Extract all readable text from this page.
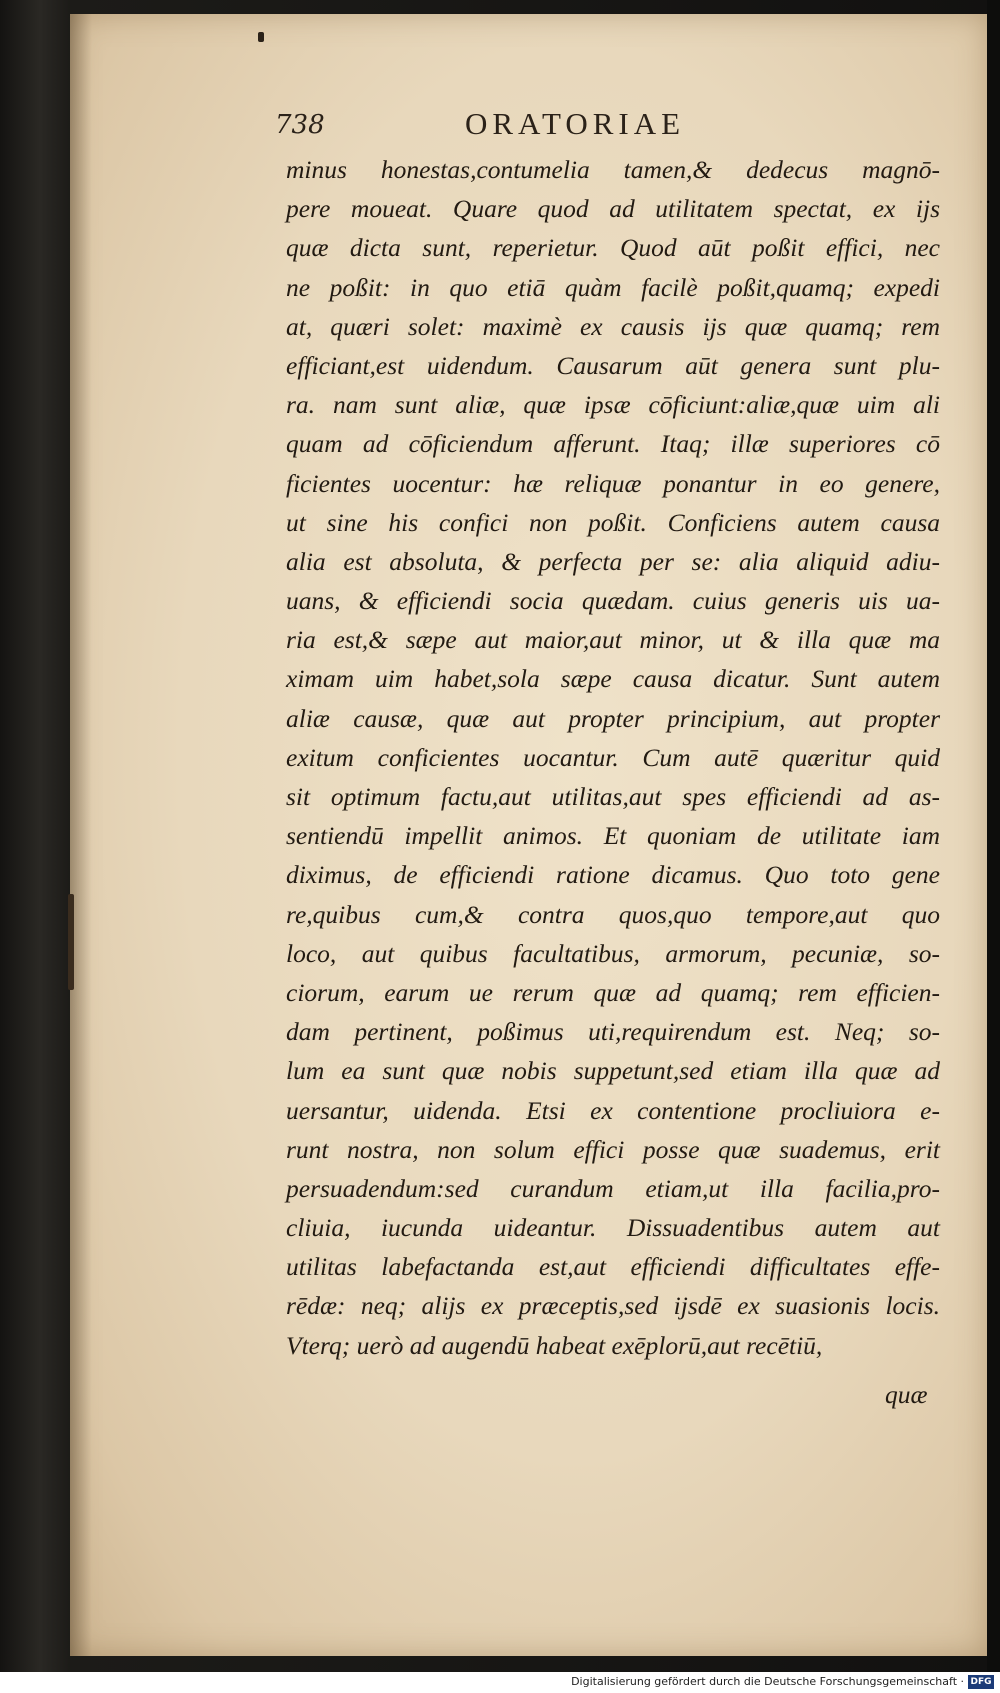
738	ORATORIAE
minus honestas,contumelia tamen,& dedecus magnō-
pere moueat. Quare quod ad utilitatem spectat, ex ijs
quæ dicta sunt, reperietur. Quod aūt poßit effici, nec
ne poßit: in quo etiā quàm facilè poßit,quamq; expedi
at, quæri solet: maximè ex causis ijs quæ quamq; rem
efficiant,est uidendum. Causarum aūt genera sunt plu-
ra. nam sunt aliæ, quæ ipsæ cōficiunt:aliæ,quæ uim ali
quam ad cōficiendum afferunt. Itaq; illæ superiores cō
ficientes uocentur: hæ reliquæ ponantur in eo genere,
ut sine his confici non poßit. Conficiens autem causa
alia est absoluta, & perfecta per se: alia aliquid adiu-
uans, & efficiendi socia quædam. cuius generis uis ua-
ria est,& sæpe aut maior,aut minor, ut & illa quæ ma
ximam uim habet,sola sæpe causa dicatur. Sunt autem
aliæ causæ, quæ aut propter principium, aut propter
exitum conficientes uocantur. Cum autē quæritur quid
sit optimum factu,aut utilitas,aut spes efficiendi ad as-
sentiendū impellit animos. Et quoniam de utilitate iam
diximus, de efficiendi ratione dicamus. Quo toto gene
re,quibus cum,& contra quos,quo tempore,aut quo
loco, aut quibus facultatibus, armorum, pecuniæ, so-
ciorum, earum ue rerum quæ ad quamq; rem efficien-
dam pertinent, poßimus uti,requirendum est. Neq; so-
lum ea sunt quæ nobis suppetunt,sed etiam illa quæ ad
uersantur, uidenda. Etsi ex contentione procliuiora e-
runt nostra, non solum effici posse quæ suademus, erit
persuadendum:sed curandum etiam,ut illa facilia,pro-
cliuia, iucunda uideantur. Dissuadentibus autem aut
utilitas labefactanda est,aut efficiendi difficultates effe-
rēdæ: neq; alijs ex præceptis,sed ijsdē ex suasionis locis.
Vterq; uerò ad augendū habeat exēplorū,aut recētiū,
quæ
Digitalisierung gefördert durch die Deutsche Forschungsgemeinschaft · DFG
